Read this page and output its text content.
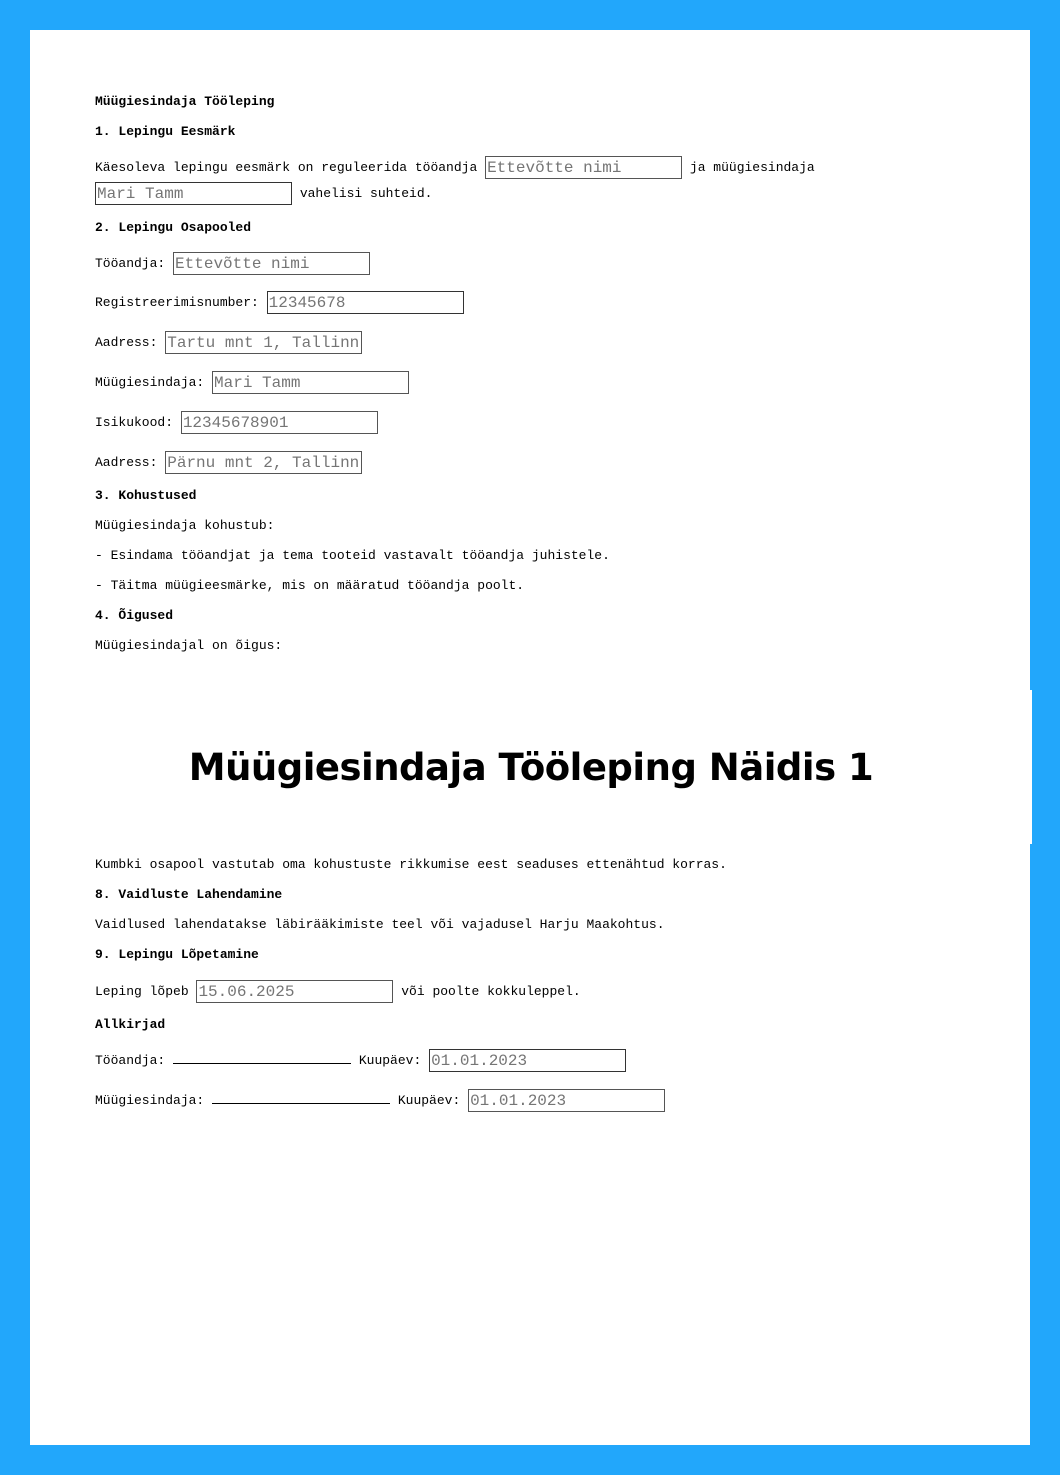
Müügiesindaja Tööleping
1. Lepingu Eesmärk
Käesoleva lepingu eesmärk on reguleerida tööandja Ettevõtte nimi	ja müügiesindaja
Mari Tamm vahelisi suhteid.
2. Lepingu Osapooled
Tööandja: Ettevõtte nimi
Registreerimisnumber: 12345678
Aadress: Tartu mnt 1, Tallinn
Müügiesindaja: Mari Tamm
Isikukood: 12345678901
Aadress: Pärnu mnt 2, Tallinn
3. Kohustused
Müügiesindaja kohustub:
- Esindama tööandjat ja tema tooteid vastavalt tööandja juhistele.
- Täitma müügieesmärke, mis on määratud tööandja poolt.
4. Õigused
Müügiesindajal on õigus:
Kumbki osapool vastutab oma kohustuste rikkumise eest seaduses ettenähtud korras.
8. Vaidluste Lahendamine
Vaidlused lahendatakse läbirääkimiste teel või vajadusel Harju Maakohtus.
9. Lepingu Lõpetamine
Leping lõpeb 15.06.2025	või poolte kokkuleppel.
Allkirjad
Tööandja:	Kuupäev: 01.01.2023
Müügiesindaja:	Kuupäev: 01.01.2023
Müügiesindaja Tööleping Näidis 1
